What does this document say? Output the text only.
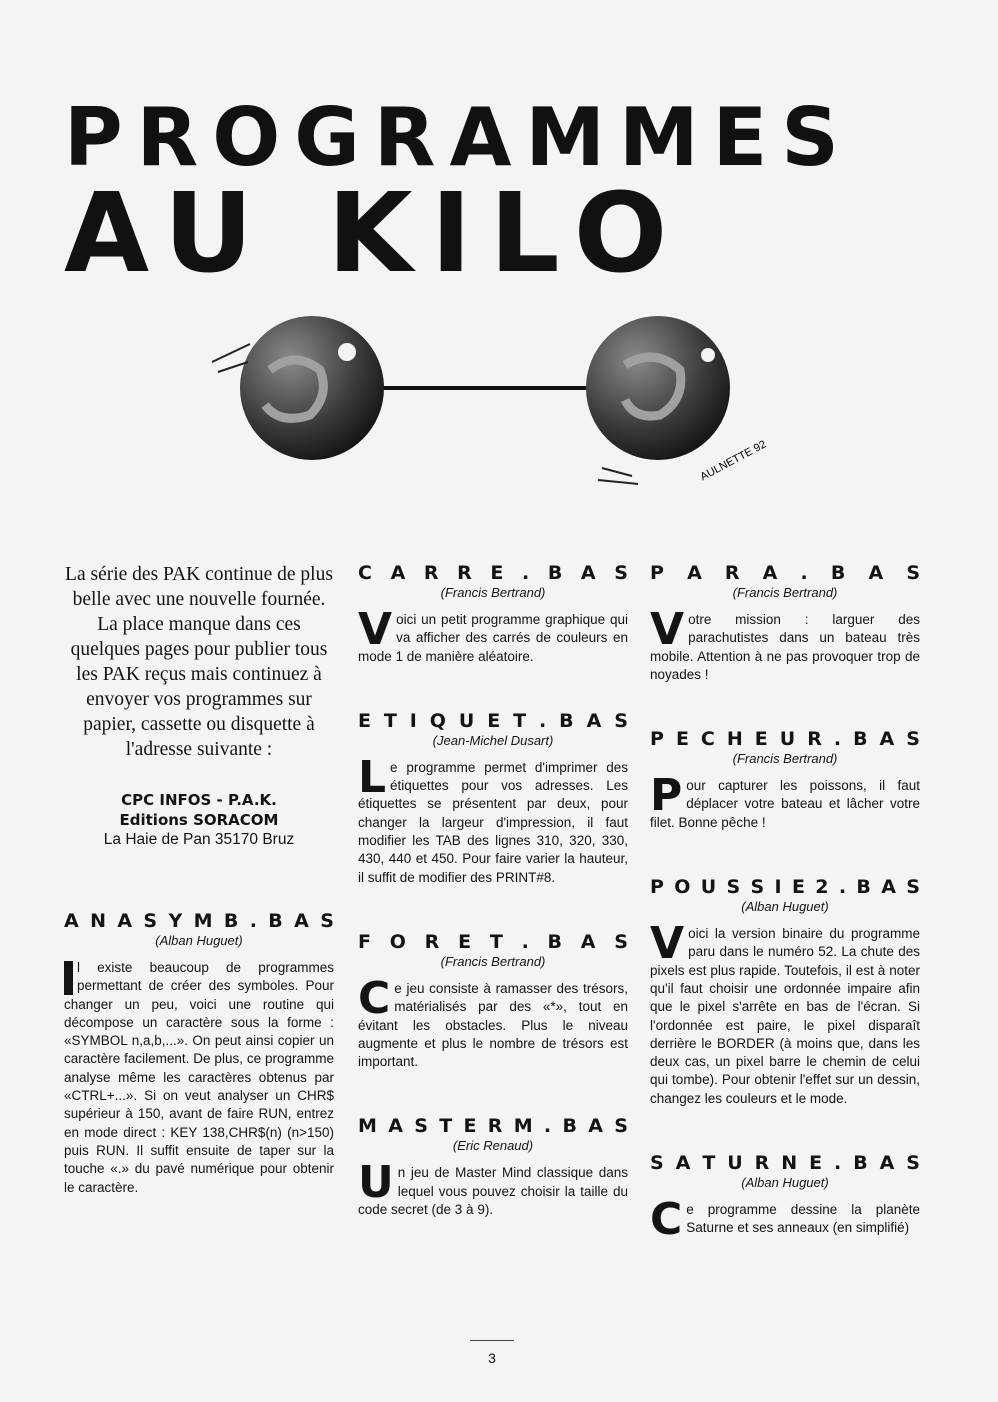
PROGRAMMES
AU KILO
AULNETTE 92

La série des PAK continue de plus belle avec une nouvelle fournée. La place manque dans ces quelques pages pour publier tous les PAK reçus mais continuez à envoyer vos programmes sur papier, cassette ou disquette à l'adresse suivante :

CPC INFOS - P.A.K.
Editions SORACOM
La Haie de Pan 35170 Bruz
A N A S Y M B . B A S
(Alban Huguet)

l existe beaucoup de programmes permettant de créer des symboles. Pour changer un peu, voici une routine qui décompose un caractère sous la forme : «SYMBOL n,a,b,...». On peut ainsi copier un caractère facilement. De plus, ce programme analyse même les caractères obtenus par «CTRL+...». Si on veut analyser un CHR$ supérieur à 150, avant de faire RUN, entrez en mode direct : KEY 138,CHR$(n) (n>150) puis RUN. Il suffit ensuite de taper sur la touche «.» du pavé numérique pour obtenir le caractère.

C A R R E . B A S
(Francis Bertrand)

Voici un petit programme graphique qui va afficher des carrés de couleurs en mode 1 de manière aléatoire.

E T I Q U E T . B A S
(Jean-Michel Dusart)

Le programme permet d'imprimer des étiquettes pour vos adresses. Les étiquettes se présentent par deux, pour changer la largeur d'impression, il faut modifier les TAB des lignes 310, 320, 330, 430, 440 et 450. Pour faire varier la hauteur, il suffit de modifier des PRINT#8.

F O R E T . B A S
(Francis Bertrand)

Ce jeu consiste à ramasser des trésors, matérialisés par des «*», tout en évitant les obstacles. Plus le niveau augmente et plus le nombre de trésors est important.

M A S T E R M . B A S
(Eric Renaud)

Un jeu de Master Mind classique dans lequel vous pouvez choisir la taille du code secret (de 3 à 9).

P A R A . B A S
(Francis Bertrand)

Votre mission : larguer des parachutistes dans un bateau très mobile. Attention à ne pas provoquer trop de noyades !

P E C H E U R . B A S
(Francis Bertrand)

Pour capturer les poissons, il faut déplacer votre bateau et lâcher votre filet. Bonne pêche !

P O U S S I E 2 . B A S
(Alban Huguet)

Voici la version binaire du programme paru dans le numéro 52. La chute des pixels est plus rapide. Toutefois, il est à noter qu'il faut choisir une ordonnée impaire afin que le pixel s'arrête en bas de l'écran. Si l'ordonnée est paire, le pixel disparaît derrière le BORDER (à moins que, dans les deux cas, un pixel barre le chemin de celui qui tombe). Pour obtenir l'effet sur un dessin, changez les couleurs et le mode.

S A T U R N E . B A S
(Alban Huguet)

Ce programme dessine la planète Saturne et ses anneaux (en simplifié)

3
